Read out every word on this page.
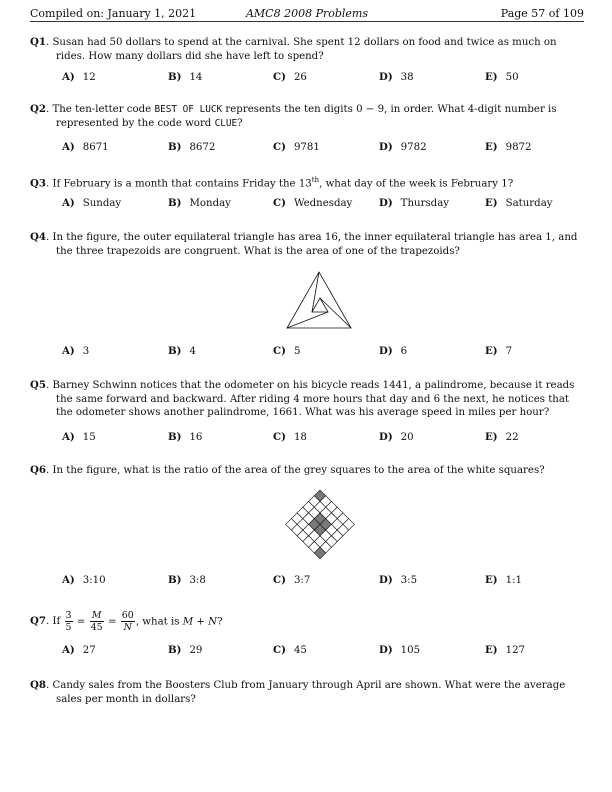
Compiled on: January 1, 2021	AMC8 2008 Problems	Page 57 of 109
Q1. Susan had 50 dollars to spend at the carnival. She spent 12 dollars on food and twice as much on rides. How many dollars did she have left to spend?
A) 12	B) 14	C) 26	D) 38	E) 50
Q2. The ten-letter code BEST OF LUCK represents the ten digits 0 − 9, in order. What 4-digit number is represented by the code word CLUE?
A) 8671	B) 8672	C) 9781	D) 9782	E) 9872
Q3. If February is a month that contains Friday the 13th, what day of the week is February 1?
A) Sunday	B) Monday	C) Wednesday	D) Thursday	E) Saturday
Q4. In the figure, the outer equilateral triangle has area 16, the inner equilateral triangle has area 1, and the three trapezoids are congruent. What is the area of one of the trapezoids?
A) 3	B) 4	C) 5	D) 6	E) 7
Q5. Barney Schwinn notices that the odometer on his bicycle reads 1441, a palindrome, because it reads the same forward and backward. After riding 4 more hours that day and 6 the next, he notices that the odometer shows another palindrome, 1661. What was his average speed in miles per hour?
A) 15	B) 16	C) 18	D) 20	E) 22
Q6. In the figure, what is the ratio of the area of the grey squares to the area of the white squares?
A) 3:10	B) 3:8	C) 3:7	D) 3:5	E) 1:1
Q7. If $\frac{3}{5} = \frac{M}{45} = \frac{60}{N}$ , what is M + N?
A) 27	B) 29	C) 45	D) 105	E) 127
Q8. Candy sales from the Boosters Club from January through April are shown. What were the average sales per month in dollars?
